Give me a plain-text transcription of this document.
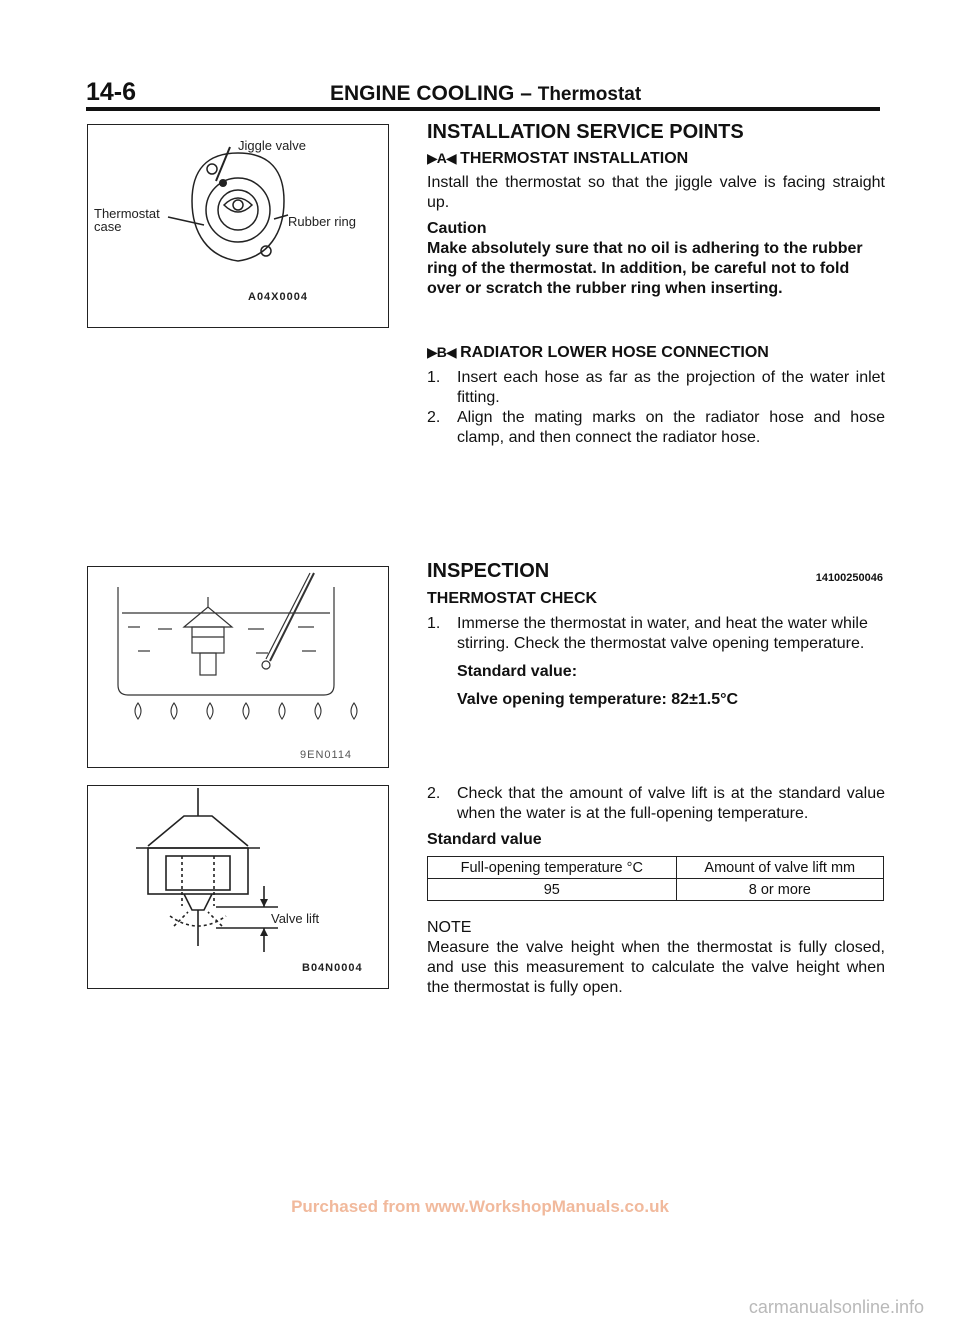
14-6	ENGINE COOLING – Thermostat
Jiggle valve
Thermostat
case	Rubber ring
A04X0004
9EN0114
Valve lift
B04N0004

INSTALLATION SERVICE POINTS

▶A◀ THERMOSTAT INSTALLATION

Install the thermostat so that the jiggle valve is facing straight up.

Caution

Make absolutely sure that no oil is adhering to the rubber ring of the thermostat. In addition, be careful not to fold over or scratch the rubber ring when inserting.

▶B◀ RADIATOR LOWER HOSE CONNECTION

1. Insert each hose as far as the projection of the water inlet fitting.
2. Align the mating marks on the radiator hose and hose clamp, and then connect the radiator hose.

INSPECTION	14100250046

THERMOSTAT CHECK

1. Immerse the thermostat in water, and heat the water while stirring. Check the thermostat valve opening temperature.

Standard value:

Valve opening temperature: 82±1.5°C

2. Check that the amount of valve lift is at the standard value when the water is at the full-opening temperature.

Standard value

Full-opening temperature °C	Amount of valve lift mm
95	8 or more

NOTE

Measure the valve height when the thermostat is fully closed, and use this measurement to calculate the valve height when the thermostat is fully open.

Purchased from www.WorkshopManuals.co.uk
carmanualsonline.info
